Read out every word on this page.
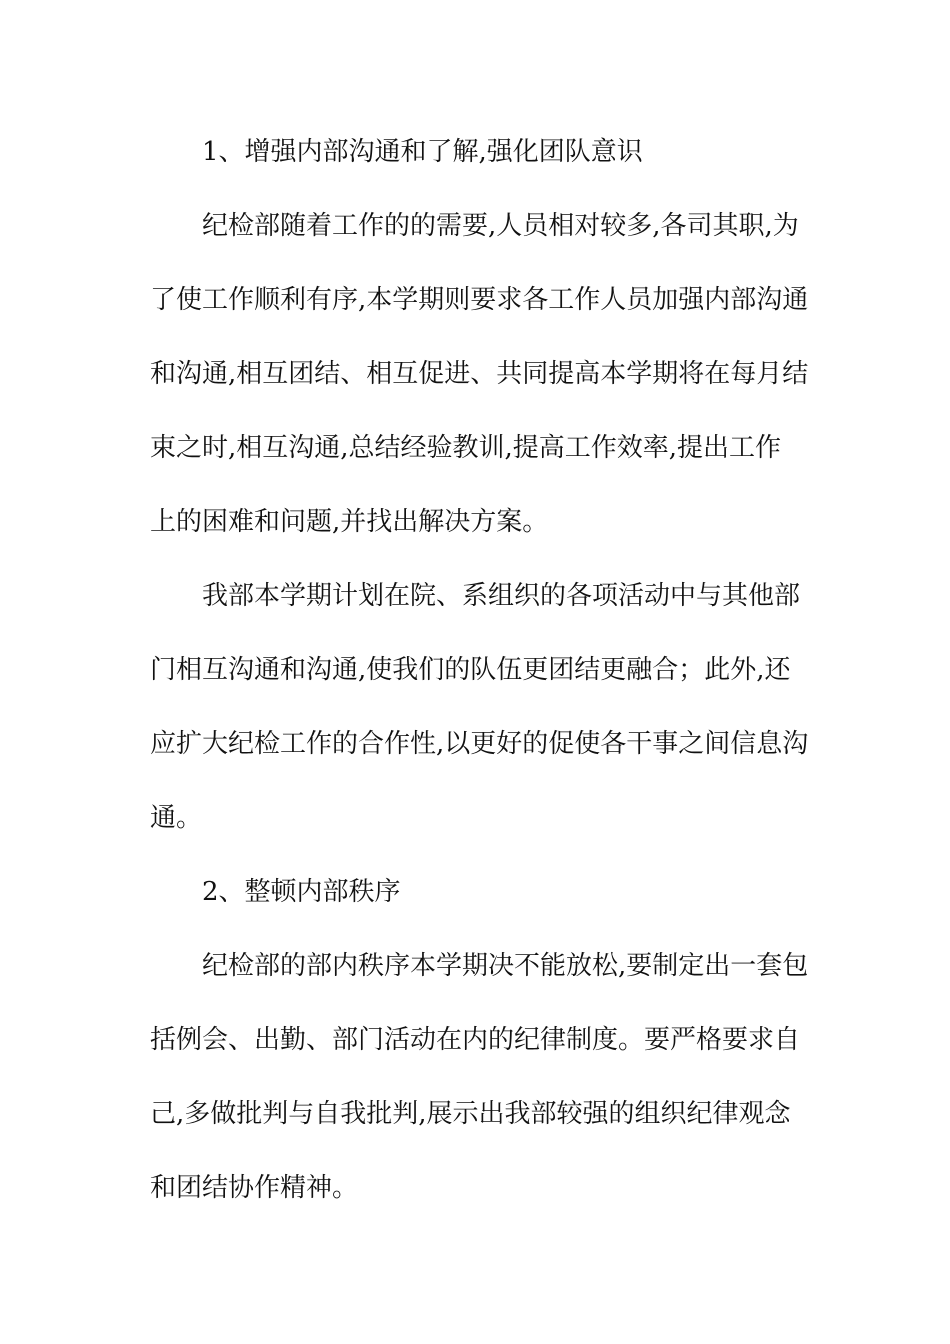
1、增强内部沟通和了解,强化团队意识
纪检部随着工作的的需要,人员相对较多,各司其职,为
了使工作顺利有序,本学期则要求各工作人员加强内部沟通
和沟通,相互团结、相互促进、共同提高本学期将在每月结
束之时,相互沟通,总结经验教训,提高工作效率,提出工作
上的困难和问题,并找出解决方案。
我部本学期计划在院、系组织的各项活动中与其他部
门相互沟通和沟通,使我们的队伍更团结更融合；此外,还
应扩大纪检工作的合作性,以更好的促使各干事之间信息沟
通。
2、整顿内部秩序
纪检部的部内秩序本学期决不能放松,要制定出一套包
括例会、出勤、部门活动在内的纪律制度。要严格要求自
己,多做批判与自我批判,展示出我部较强的组织纪律观念
和团结协作精神。
